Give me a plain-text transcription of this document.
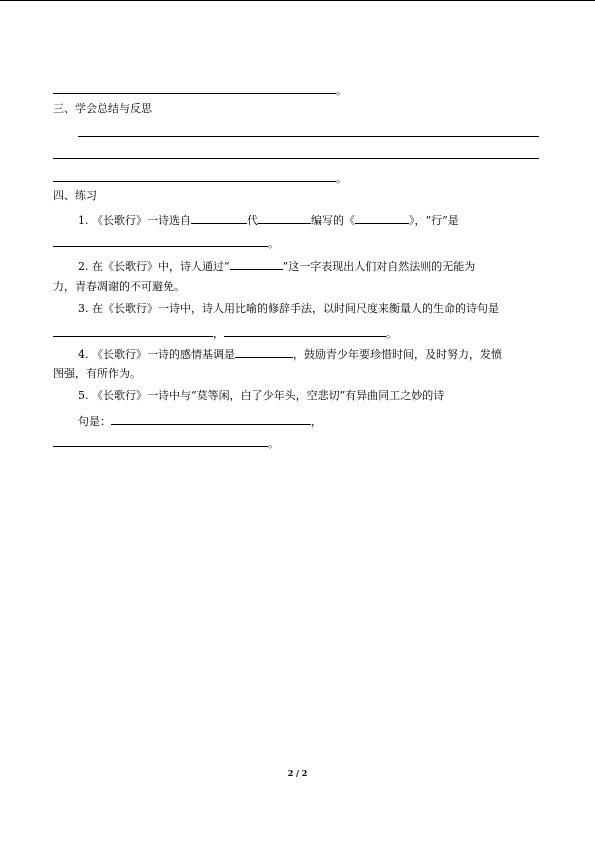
。
三、学会总结与反思
。
四、练习
1. 《长歌行》一诗选自	代	编写的《	》，“行”是
。
2. 在《长歌行》中，诗人通过“	”这一字表现出人们对自然法则的无能为
力，青春凋谢的不可避免。
3. 在《长歌行》一诗中，诗人用比喻的修辞手法，以时间尺度来衡量人的生命的诗句是
，	。
4. 《长歌行》一诗的感情基调是	，鼓励青少年要珍惜时间，及时努力，发愤
图强，有所作为。
5. 《长歌行》一诗中与“莫等闲，白了少年头，空悲切”有异曲同工之妙的诗
句是：	，
。
2 / 2
